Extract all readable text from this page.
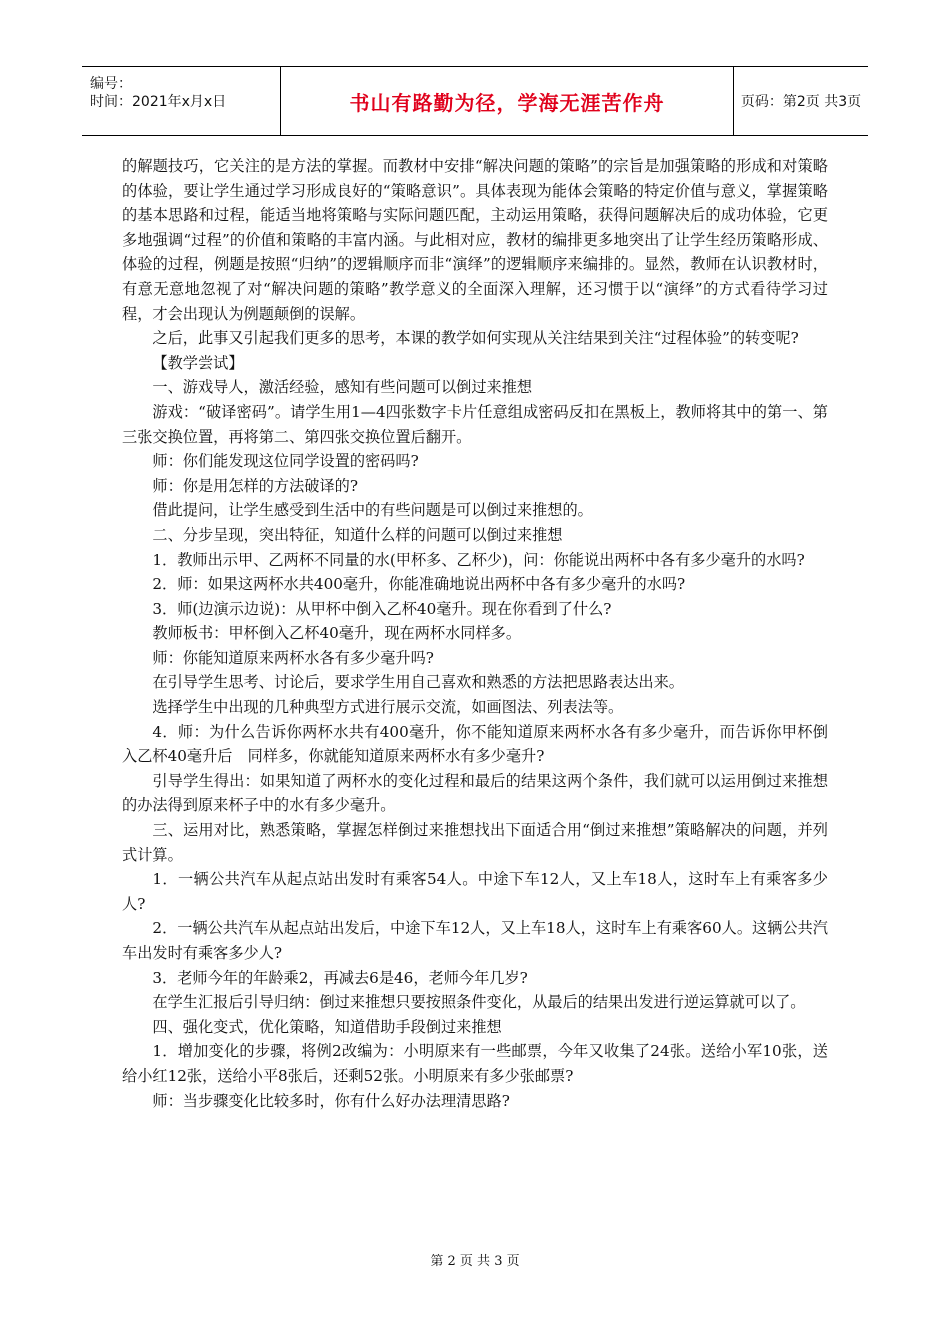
编号：
时间：2021年x月x日	书山有路勤为径，学海无涯苦作舟	页码：第2页 共3页

的解题技巧，它关注的是方法的掌握。而教材中安排“解决问题的策略”的宗旨是加强策略的形成和对策略的体验，要让学生通过学习形成良好的“策略意识”。具体表现为能体会策略的特定价值与意义，掌握策略的基本思路和过程，能适当地将策略与实际问题匹配，主动运用策略，获得问题解决后的成功体验，它更多地强调“过程”的价值和策略的丰富内涵。与此相对应，教材的编排更多地突出了让学生经历策略形成、体验的过程，例题是按照“归纳”的逻辑顺序而非“演绎”的逻辑顺序来编排的。显然，教师在认识教材时，有意无意地忽视了对“解决问题的策略”教学意义的全面深入理解，还习惯于以“演绎”的方式看待学习过程，才会出现认为例题颠倒的误解。

之后，此事又引起我们更多的思考，本课的教学如何实现从关注结果到关注“过程体验”的转变呢?

【教学尝试】

一、游戏导人，激活经验，感知有些问题可以倒过来推想

游戏：“破译密码”。请学生用1—4四张数字卡片任意组成密码反扣在黑板上，教师将其中的第一、第三张交换位置，再将第二、第四张交换位置后翻开。

师：你们能发现这位同学设置的密码吗?

师：你是用怎样的方法破译的?

借此提问，让学生感受到生活中的有些问题是可以倒过来推想的。

二、分步呈现，突出特征，知道什么样的问题可以倒过来推想

1．教师出示甲、乙两杯不同量的水(甲杯多、乙杯少)，问：你能说出两杯中各有多少毫升的水吗?

2．师：如果这两杯水共400毫升，你能准确地说出两杯中各有多少毫升的水吗?

3．师(边演示边说)：从甲杯中倒入乙杯40毫升。现在你看到了什么?

教师板书：甲杯倒入乙杯40毫升，现在两杯水同样多。

师：你能知道原来两杯水各有多少毫升吗?

在引导学生思考、讨论后，要求学生用自己喜欢和熟悉的方法把思路表达出来。

选择学生中出现的几种典型方式进行展示交流，如画图法、列表法等。

4．师：为什么告诉你两杯水共有400毫升，你不能知道原来两杯水各有多少毫升，而告诉你甲杯倒入乙杯40毫升后　同样多，你就能知道原来两杯水有多少毫升?

引导学生得出：如果知道了两杯水的变化过程和最后的结果这两个条件，我们就可以运用倒过来推想的办法得到原来杯子中的水有多少毫升。

三、运用对比，熟悉策略，掌握怎样倒过来推想找出下面适合用“倒过来推想”策略解决的问题，并列式计算。

1．一辆公共汽车从起点站出发时有乘客54人。中途下车12人，又上车18人，这时车上有乘客多少人?

2．一辆公共汽车从起点站出发后，中途下车12人，又上车18人，这时车上有乘客60人。这辆公共汽车出发时有乘客多少人?

3．老师今年的年龄乘2，再减去6是46，老师今年几岁?

在学生汇报后引导归纳：倒过来推想只要按照条件变化，从最后的结果出发进行逆运算就可以了。

四、强化变式，优化策略，知道借助手段倒过来推想

1．增加变化的步骤，将例2改编为：小明原来有一些邮票，今年又收集了24张。送给小军10张，送给小红12张，送给小平8张后，还剩52张。小明原来有多少张邮票?

师：当步骤变化比较多时，你有什么好办法理清思路?

第 2 页 共 3 页
